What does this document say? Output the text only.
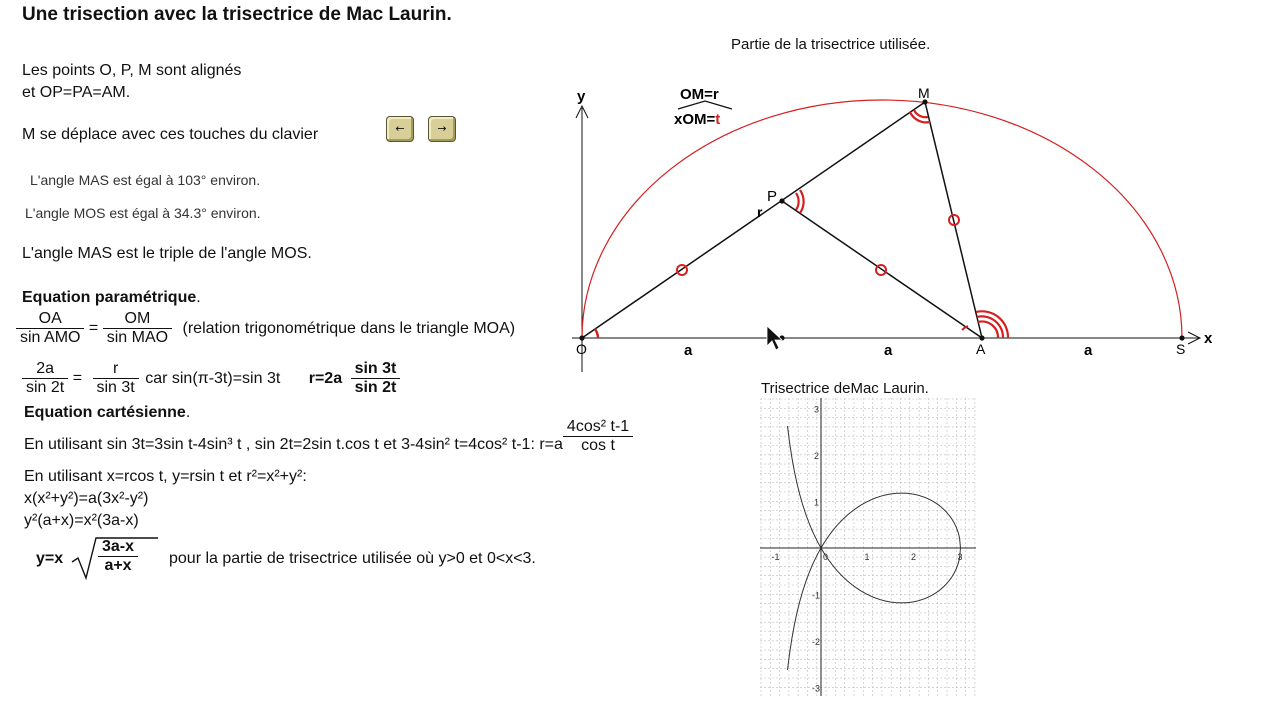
Une trisection avec la trisectrice de Mac Laurin.
Les points O, P, M sont alignés
et OP=PA=AM.
M se déplace avec ces touches du clavier	←	→
L'angle MAS est égal à 103° environ.
L'angle MOS est égal à 34.3° environ.
L'angle MAS est le triple de l'angle MOS.
Equation paramétrique.
$\frac{OA}{\text{sin AMO}} = \frac{OM}{\text{sin MAO}}$ (relation trigonométrique dans le triangle MOA)
$\frac{2a}{\sin 2t} = \frac{r}{\sin 3t}$ car sin(π-3t)=sin 3t $r=2a \frac{\sin 3t}{\sin 2t}$
Equation cartésienne.
En utilisant sin 3t=3sin t-4sin³ t , sin 2t=2sin t.cos t et 3-4sin² t=4cos² t-1: $r=a \frac{\text{4cos² t-1}}{\text{cos t}}$
En utilisant x=rcos t, y=rsin t et r²=x²+y²:
x(x²+y²)=a(3x²-y²)
y²(a+x)=x²(3a-x)
$y=x \frac{3a-x}{a+x}$ pour la partie de trisectrice utilisée où y>0 et 0<x<3.
Partie de la trisectrice utilisée.
y
x
O	A	S
P
M
r
a	a	a
OM=r
xOM=t
Trisectrice deMac Laurin.
-1	1	2	3
3
2
1
-1
-2
-3
0
